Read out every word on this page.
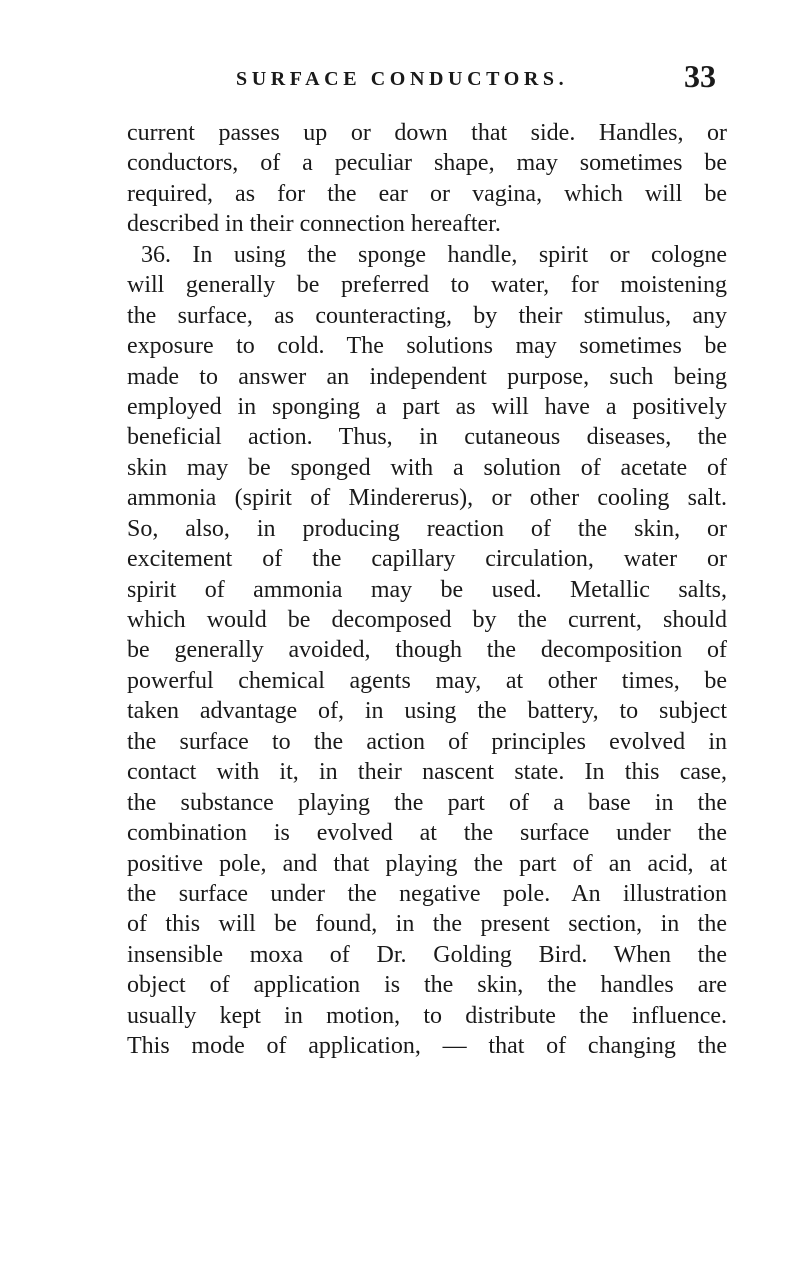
SURFACE CONDUCTORS.	33
current passes up or down that side. Handles, or
conductors, of a peculiar shape, may sometimes be
required, as for the ear or vagina, which will be
described in their connection hereafter.
36. In using the sponge handle, spirit or cologne
will generally be preferred to water, for moistening
the surface, as counteracting, by their stimulus, any
exposure to cold. The solutions may sometimes be
made to answer an independent purpose, such being
employed in sponging a part as will have a positively
beneficial action. Thus, in cutaneous diseases, the
skin may be sponged with a solution of acetate of
ammonia (spirit of Mindererus), or other cooling salt.
So, also, in producing reaction of the skin, or
excitement of the capillary circulation, water or
spirit of ammonia may be used. Metallic salts,
which would be decomposed by the current, should
be generally avoided, though the decomposition of
powerful chemical agents may, at other times, be
taken advantage of, in using the battery, to subject
the surface to the action of principles evolved in
contact with it, in their nascent state. In this case,
the substance playing the part of a base in the
combination is evolved at the surface under the
positive pole, and that playing the part of an acid, at
the surface under the negative pole. An illustration
of this will be found, in the present section, in the
insensible moxa of Dr. Golding Bird. When the
object of application is the skin, the handles are
usually kept in motion, to distribute the influence.
This mode of application, — that of changing the
